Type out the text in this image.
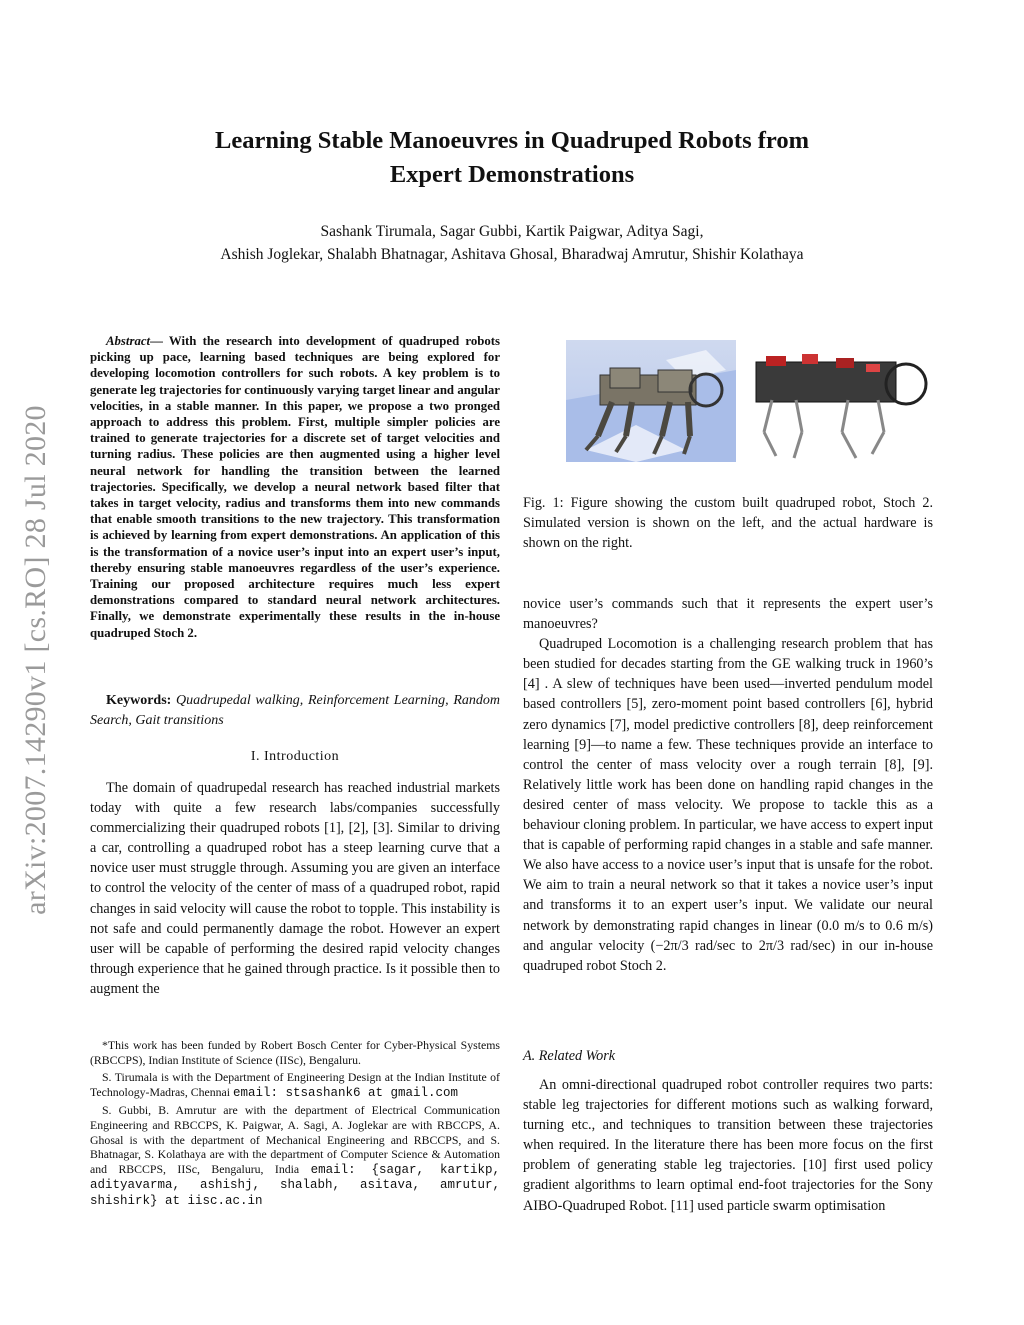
Learning Stable Manoeuvres in Quadruped Robots from
Expert Demonstrations
Sashank Tirumala, Sagar Gubbi, Kartik Paigwar, Aditya Sagi,
Ashish Joglekar, Shalabh Bhatnagar, Ashitava Ghosal, Bharadwaj Amrutur, Shishir Kolathaya
arXiv:2007.14290v1 [cs.RO] 28 Jul 2020
Abstract— With the research into development of quadruped robots picking up pace, learning based techniques are being explored for developing locomotion controllers for such robots. A key problem is to generate leg trajectories for continuously varying target linear and angular velocities, in a stable manner. In this paper, we propose a two pronged approach to address this problem. First, multiple simpler policies are trained to generate trajectories for a discrete set of target velocities and turning radius. These policies are then augmented using a higher level neural network for handling the transition between the learned trajectories. Specifically, we develop a neural network based filter that takes in target velocity, radius and transforms them into new commands that enable smooth transitions to the new trajectory. This transformation is achieved by learning from expert demonstrations. An application of this is the transformation of a novice user’s input into an expert user’s input, thereby ensuring stable manoeuvres regardless of the user’s experience. Training our proposed architecture requires much less expert demonstrations compared to standard neural network architectures. Finally, we demonstrate experimentally these results in the in-house quadruped Stoch 2.
Keywords: Quadrupedal walking, Reinforcement Learning, Random Search, Gait transitions
I. Introduction

The domain of quadrupedal research has reached industrial markets today with quite a few research labs/companies successfully commercializing their quadruped robots [1], [2], [3]. Similar to driving a car, controlling a quadruped robot has a steep learning curve that a novice user must struggle through. Assuming you are given an interface to control the velocity of the center of mass of a quadruped robot, rapid changes in said velocity will cause the robot to topple. This instability is not safe and could permanently damage the robot. However an expert user will be capable of performing the desired rapid velocity changes through experience that he gained through practice. Is it possible then to augment the

*This work has been funded by Robert Bosch Center for Cyber-Physical Systems (RBCCPS), Indian Institute of Science (IISc), Bengaluru.

S. Tirumala is with the Department of Engineering Design at the Indian Institute of Technology-Madras, Chennai email: stsashank6 at gmail.com

S. Gubbi, B. Amrutur are with the department of Electrical Communication Engineering and RBCCPS, K. Paigwar, A. Sagi, A. Joglekar are with RBCCPS, A. Ghosal is with the department of Mechanical Engineering and RBCCPS, and S. Bhatnagar, S. Kolathaya are with the department of Computer Science & Automation and RBCCPS, IISc, Bengaluru, India email: {sagar, kartikp, adityavarma, ashishj, shalabh, asitava, amrutur, shishirk} at iisc.ac.in

Fig. 1: Figure showing the custom built quadruped robot, Stoch 2. Simulated version is shown on the left, and the actual hardware is shown on the right.

novice user’s commands such that it represents the expert user’s manoeuvres?

Quadruped Locomotion is a challenging research problem that has been studied for decades starting from the GE walking truck in 1960’s [4] . A slew of techniques have been used—inverted pendulum model based controllers [5], zero-moment point based controllers [6], hybrid zero dynamics [7], model predictive controllers [8], deep reinforcement learning [9]—to name a few. These techniques provide an interface to control the center of mass velocity over a rough terrain [8], [9]. Relatively little work has been done on handling rapid changes in the desired center of mass velocity. We propose to tackle this as a behaviour cloning problem. In particular, we have access to expert input that is capable of performing rapid changes in a stable and safe manner. We also have access to a novice user’s input that is unsafe for the robot. We aim to train a neural network so that it takes a novice user’s input and transforms it to an expert user’s input. We validate our neural network by demonstrating rapid changes in linear (0.0 m/s to 0.6 m/s) and angular velocity (−2π/3 rad/sec to 2π/3 rad/sec) in our in-house quadruped robot Stoch 2.

A. Related Work

An omni-directional quadruped robot controller requires two parts: stable leg trajectories for different motions such as walking forward, turning etc., and techniques to transition between these trajectories when required. In the literature there has been more focus on the first problem of generating stable leg trajectories. [10] first used policy gradient algorithms to learn optimal end-foot trajectories for the Sony AIBO-Quadruped Robot. [11] used particle swarm optimisation
